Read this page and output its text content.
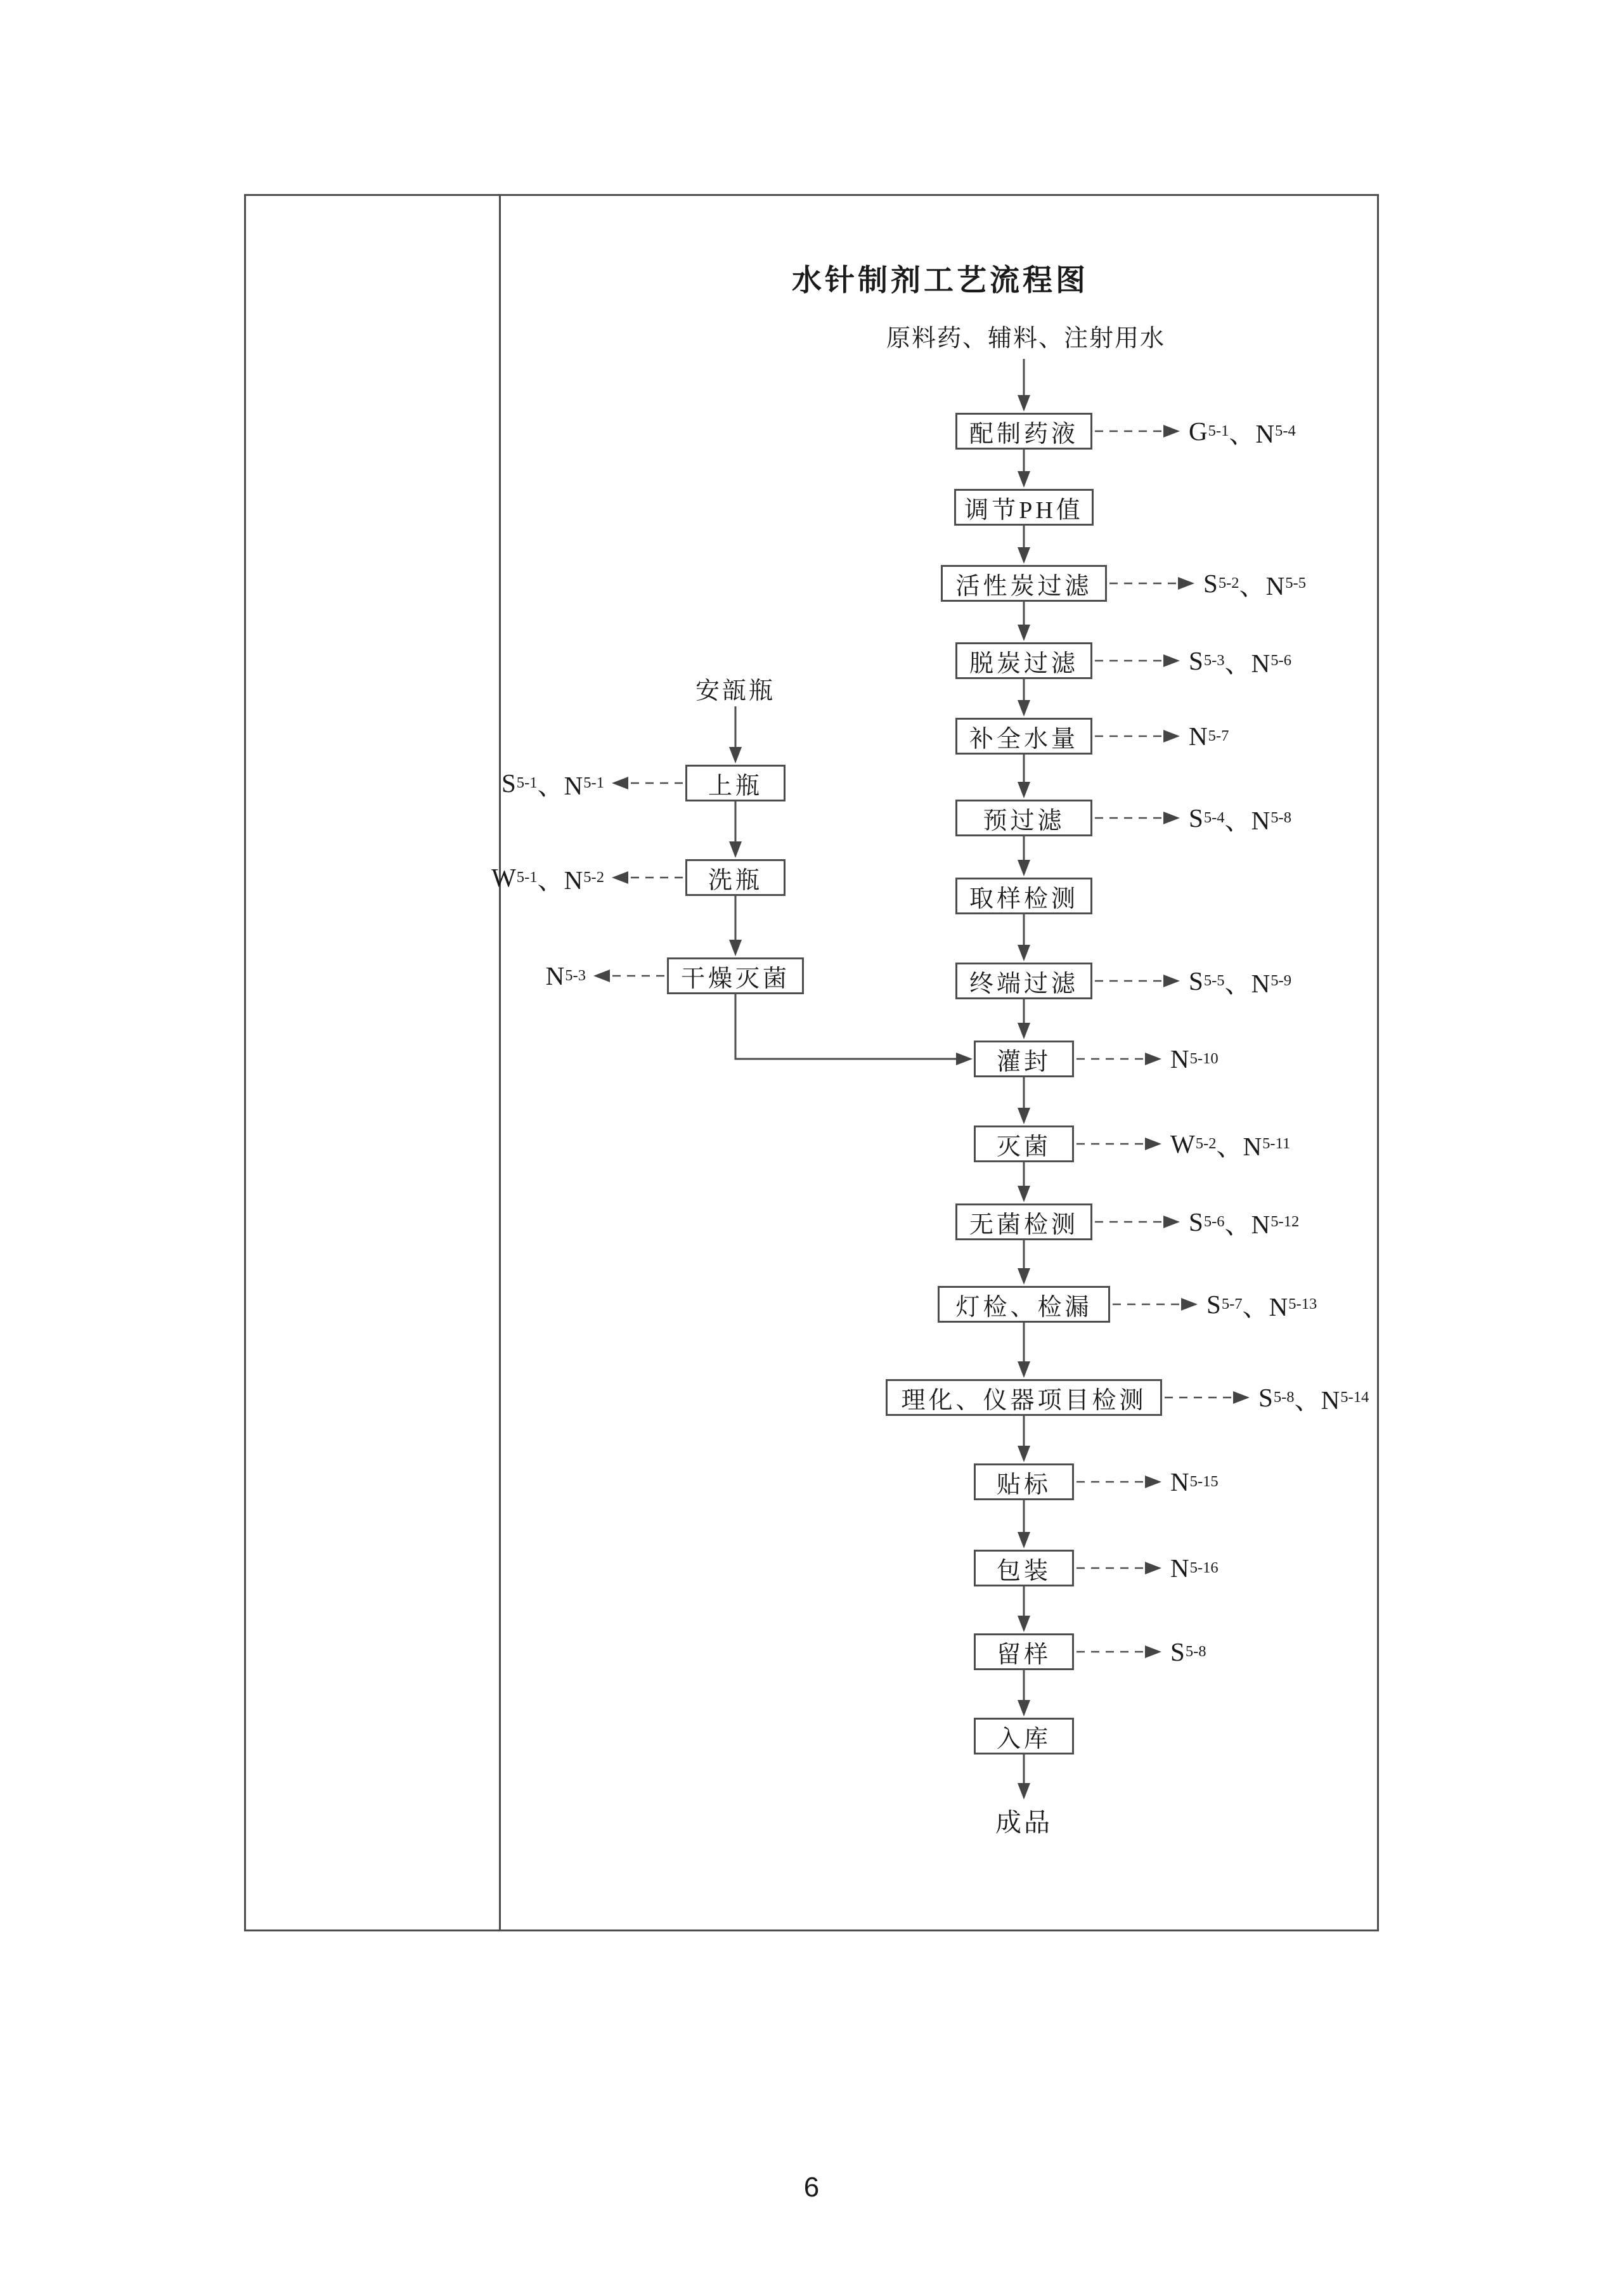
水针制剂工艺流程图
原料药、辅料、注射用水
安瓿瓶
成品
配制药液	G 5-1 、N 5-4
调节PH值
活性炭过滤	S 5-2 、N 5-5
脱炭过滤	S 5-3 、N 5-6
补全水量	N 5-7
预过滤	S 5-4 、N 5-8
取样检测
终端过滤	S 5-5 、N 5-9
灌封	N 5-10
灭菌	W 5-2 、N 5-11
无菌检测	S 5-6 、N 5-12
灯检、检漏	S 5-7 、N 5-13
理化、仪器项目检测	S 5-8 、N 5-14
贴标	N 5-15
包装	N 5-16
留样	S 5-8
入库
上瓶
S 5-1 、N 5-1
洗瓶
W 5-1 、N 5-2
干燥灭菌
N 5-3
6
